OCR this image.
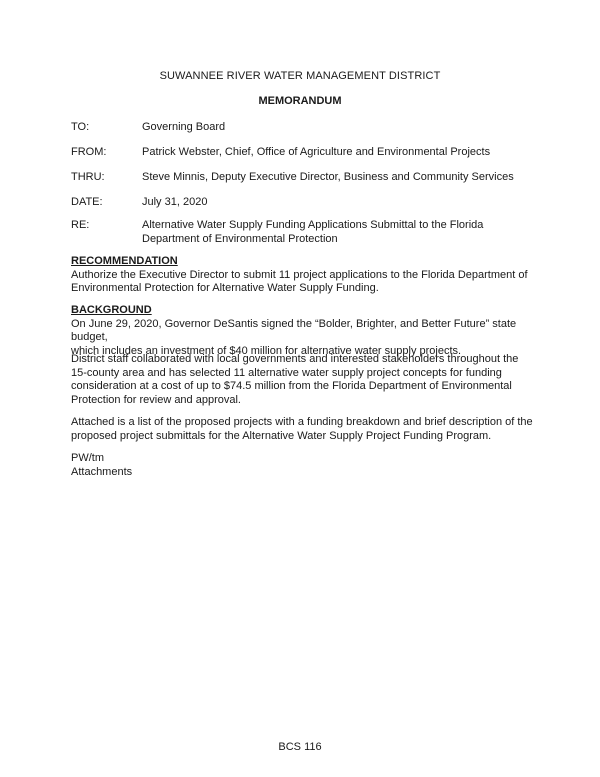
SUWANNEE RIVER WATER MANAGEMENT DISTRICT
MEMORANDUM
TO:	Governing Board
FROM:	Patrick Webster, Chief, Office of Agriculture and Environmental Projects
THRU:	Steve Minnis, Deputy Executive Director, Business and Community Services
DATE:	July 31, 2020
RE:	Alternative Water Supply Funding Applications Submittal to the Florida
Department of Environmental Protection
RECOMMENDATION
Authorize the Executive Director to submit 11 project applications to the Florida Department of
Environmental Protection for Alternative Water Supply Funding.
BACKGROUND
On June 29, 2020, Governor DeSantis signed the “Bolder, Brighter, and Better Future” state budget,
which includes an investment of $40 million for alternative water supply projects.
District staff collaborated with local governments and interested stakeholders throughout the
15-county area and has selected 11 alternative water supply project concepts for funding
consideration at a cost of up to $74.5 million from the Florida Department of Environmental
Protection for review and approval.
Attached is a list of the proposed projects with a funding breakdown and brief description of the
proposed project submittals for the Alternative Water Supply Project Funding Program.
PW/tm
Attachments
BCS 116
